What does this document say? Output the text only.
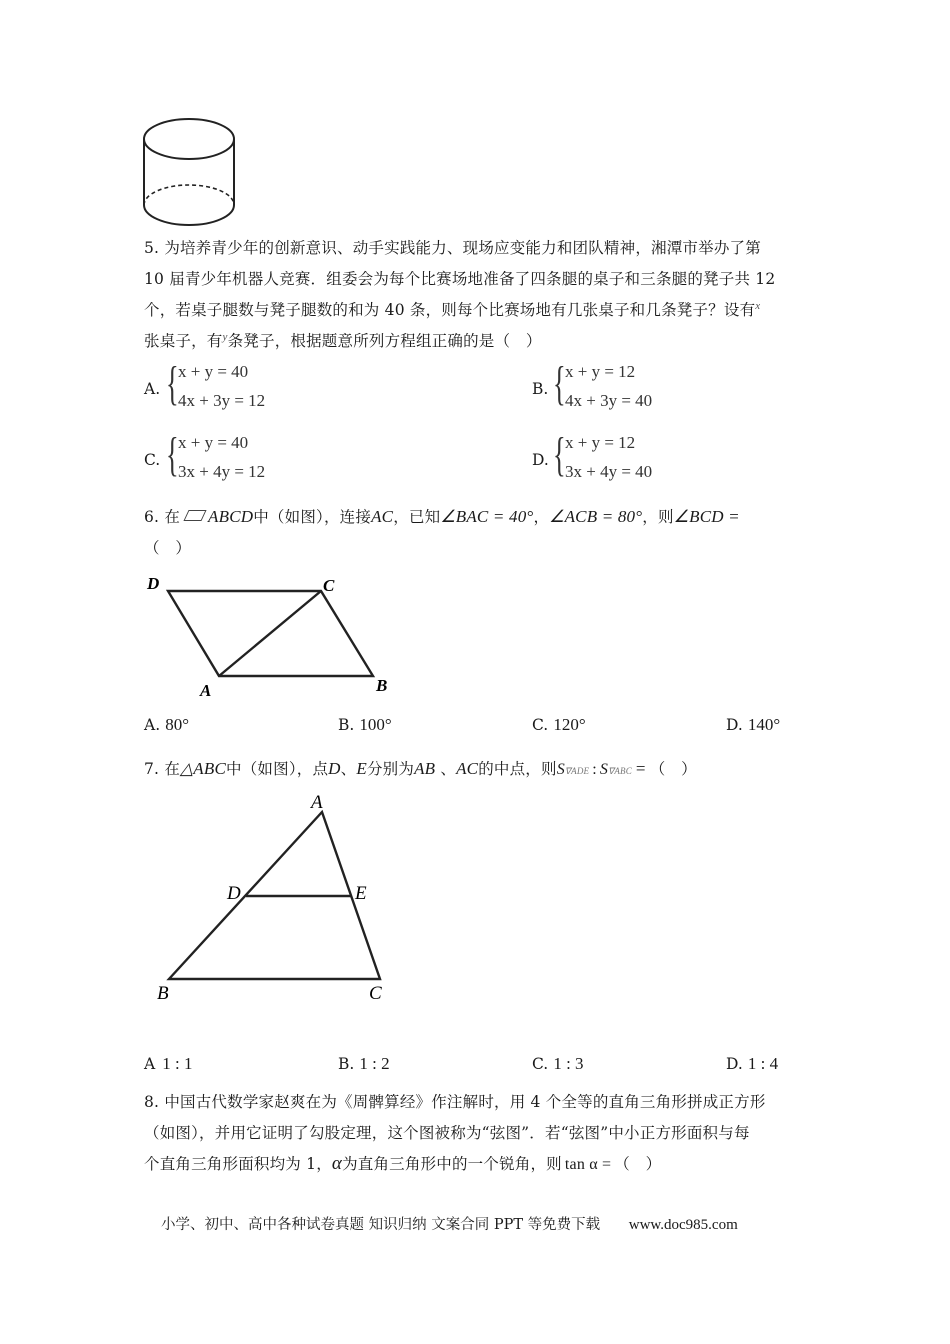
5. 为培养青少年的创新意识、动手实践能力、现场应变能力和团队精神，湘潭市举办了第
10 届青少年机器人竞赛．组委会为每个比赛场地准备了四条腿的桌子和三条腿的凳子共 12
个，若桌子腿数与凳子腿数的和为 40 条，则每个比赛场地有几张桌子和几条凳子？设有$^x$
张桌子，有$^y$条凳子，根据题意所列方程组正确的是（　）
A. { x + y = 40
4x + 3y = 12
B. { x + y = 12
4x + 3y = 40
C. { x + y = 40
3x + 4y = 12
D. { x + y = 12
3x + 4y = 40
6. 在 ABCD中（如图），连接AC，已知∠BAC = 40°，∠ACB = 80°，则∠BCD =
（　）
D	C
A	B
A. 80°	B. 100°	C. 120°	D. 140°
7. 在△ABC中（如图），点D、E分别为AB 、AC的中点，则S∇ADE : S∇ABC = （　）
A
D	E
B	C
A 1 : 1	B. 1 : 2	C. 1 : 3	D. 1 : 4
8. 中国古代数学家赵爽在为《周髀算经》作注解时，用 4 个全等的直角三角形拼成正方形
（如图），并用它证明了勾股定理，这个图被称为“弦图”．若“弦图”中小正方形面积与每
个直角三角形面积均为 1，α为直角三角形中的一个锐角，则 tan α = （　）
小学、初中、高中各种试卷真题 知识归纳 文案合同 PPT 等免费下载 www.doc985.com
